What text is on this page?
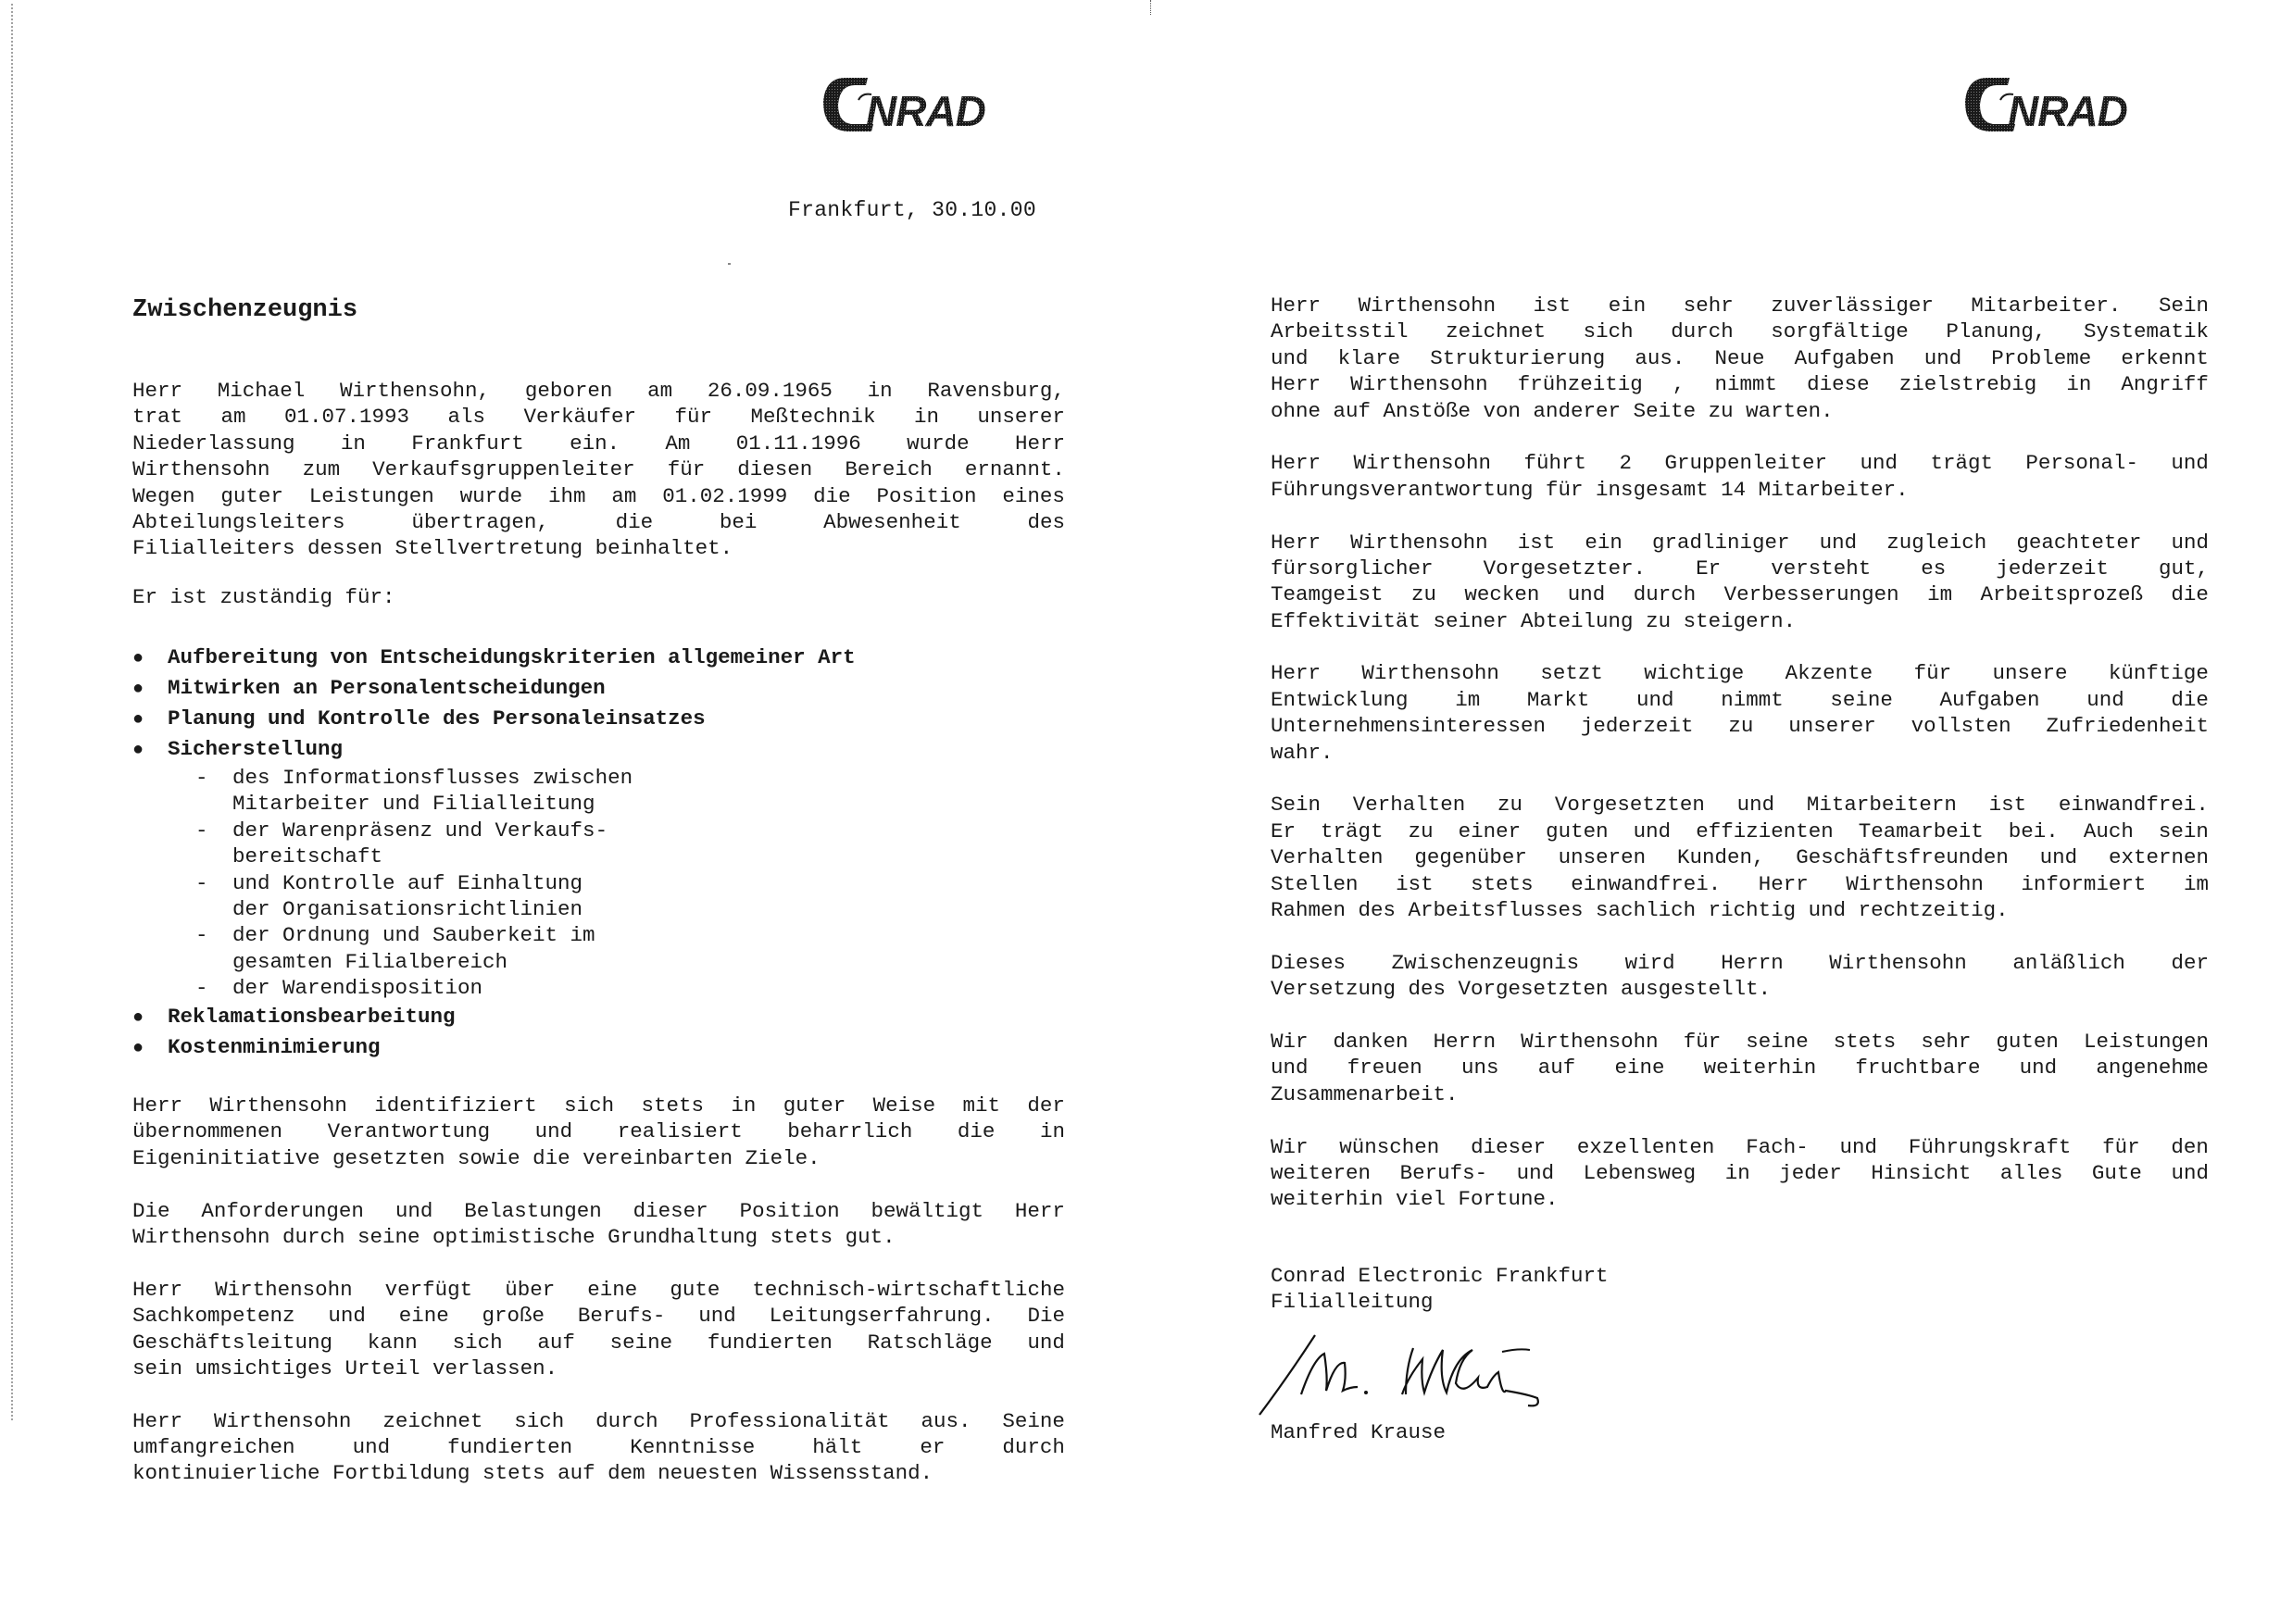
NRAD
Frankfurt, 30.10.00
Zwischenzeugnis
Herr Michael Wirthensohn, geboren am 26.09.1965 in Ravensburg,
trat am 01.07.1993 als Verkäufer für Meßtechnik in unserer
Niederlassung in Frankfurt ein. Am 01.11.1996 wurde Herr
Wirthensohn zum Verkaufsgruppenleiter für diesen Bereich ernannt.
Wegen guter Leistungen wurde ihm am 01.02.1999 die Position eines
Abteilungsleiters	übertragen,	die	bei	Abwesenheit	des
Filialleiters dessen Stellvertretung beinhaltet.
Er ist zuständig für:
●	Aufbereitung von Entscheidungskriterien allgemeiner Art
●	Mitwirken an Personalentscheidungen
●	Planung und Kontrolle des Personaleinsatzes
●	Sicherstellung
-	des Informationsflusses zwischen
Mitarbeiter und Filialleitung
-	der Warenpräsenz und Verkaufs-
bereitschaft
-	und Kontrolle auf Einhaltung
der Organisationsrichtlinien
-	der Ordnung und Sauberkeit im
gesamten Filialbereich
-	der Warendisposition
●	Reklamationsbearbeitung
●	Kostenminimierung
Herr Wirthensohn identifiziert sich stets in guter Weise mit der
übernommenen Verantwortung und realisiert beharrlich die in
Eigeninitiative gesetzten sowie die vereinbarten Ziele.
Die Anforderungen und Belastungen dieser Position bewältigt Herr
Wirthensohn durch seine optimistische Grundhaltung stets gut.
Herr Wirthensohn verfügt über eine gute technisch-wirtschaftliche
Sachkompetenz und eine große Berufs- und Leitungserfahrung. Die
Geschäftsleitung kann sich auf seine fundierten Ratschläge und
sein umsichtiges Urteil verlassen.
Herr Wirthensohn zeichnet sich durch Professionalität aus. Seine
umfangreichen	und	fundierten	Kenntnisse	hält	er	durch
kontinuierliche Fortbildung stets auf dem neuesten Wissensstand.
NRAD
Herr Wirthensohn ist ein sehr zuverlässiger Mitarbeiter. Sein
Arbeitsstil zeichnet sich durch sorgfältige Planung, Systematik
und klare Strukturierung aus. Neue Aufgaben und Probleme erkennt
Herr Wirthensohn frühzeitig , nimmt diese zielstrebig in Angriff
ohne auf Anstöße von anderer Seite zu warten.
Herr Wirthensohn führt 2 Gruppenleiter und trägt Personal- und
Führungsverantwortung für insgesamt 14 Mitarbeiter.
Herr Wirthensohn ist ein gradliniger und zugleich geachteter und
fürsorglicher Vorgesetzter. Er versteht es jederzeit gut,
Teamgeist zu wecken und durch Verbesserungen im Arbeitsprozeß die
Effektivität seiner Abteilung zu steigern.
Herr Wirthensohn setzt wichtige Akzente für unsere künftige
Entwicklung im Markt und nimmt seine Aufgaben und die
Unternehmensinteressen jederzeit zu unserer vollsten Zufriedenheit
wahr.
Sein Verhalten zu Vorgesetzten und Mitarbeitern ist einwandfrei.
Er trägt zu einer guten und effizienten Teamarbeit bei. Auch sein
Verhalten gegenüber unseren Kunden, Geschäftsfreunden und externen
Stellen ist stets einwandfrei. Herr Wirthensohn informiert im
Rahmen des Arbeitsflusses sachlich richtig und rechtzeitig.
Dieses Zwischenzeugnis wird Herrn Wirthensohn anläßlich der
Versetzung des Vorgesetzten ausgestellt.
Wir danken Herrn Wirthensohn für seine stets sehr guten Leistungen
und freuen uns auf eine weiterhin fruchtbare und angenehme
Zusammenarbeit.
Wir wünschen dieser exzellenten Fach- und Führungskraft für den
weiteren Berufs- und Lebensweg in jeder Hinsicht alles Gute und
weiterhin viel Fortune.
Conrad Electronic Frankfurt
Filialleitung
Manfred Krause
